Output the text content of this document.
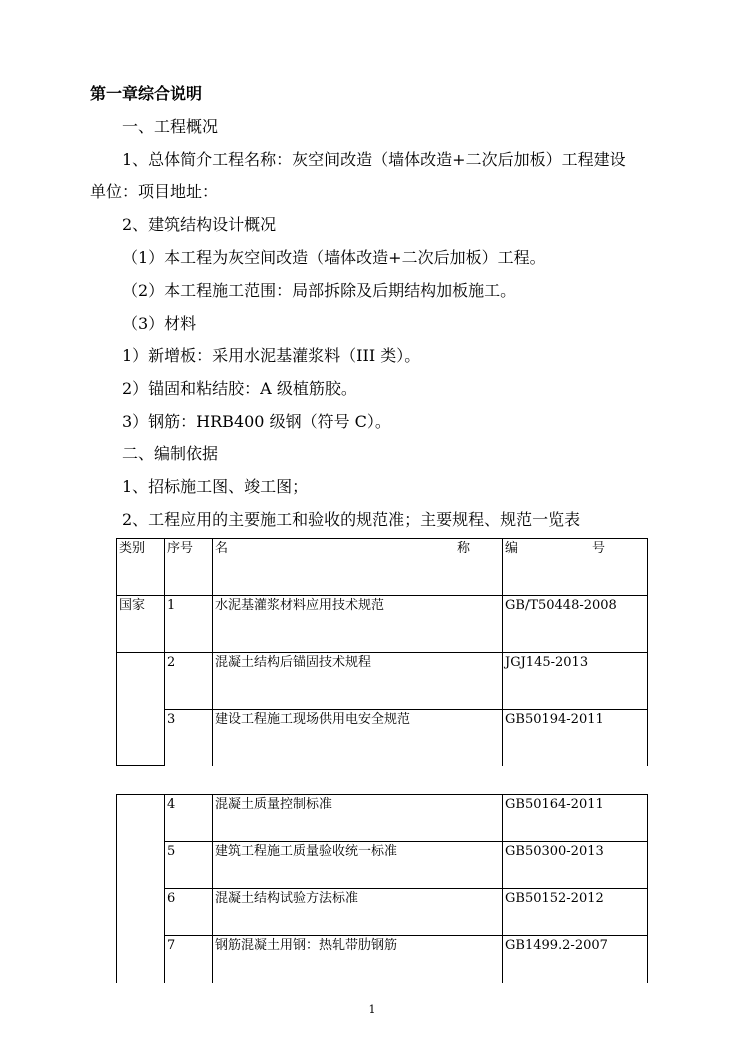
第一章综合说明
一、工程概况
1、总体简介工程名称：灰空间改造（墙体改造+二次后加板）工程建设
单位：项目地址：
2、建筑结构设计概况
（1）本工程为灰空间改造（墙体改造+二次后加板）工程。
（2）本工程施工范围：局部拆除及后期结构加板施工。
（3）材料
1）新增板：采用水泥基灌浆料（III 类）。
2）锚固和粘结胶：A 级植筋胶。
3）钢筋：HRB400 级钢（符号 C）。
二、编制依据
1、招标施工图、竣工图；
2、工程应用的主要施工和验收的规范准；主要规程、规范一览表
类别	序号	名 称	编 号

国家	1	水泥基灌浆材料应用技术规范	GB/T50448-2008
	2	混凝土结构后锚固技术规程	JGJ145-2013
	3	建设工程施工现场供用电安全规范	GB50194-2011
	4	混凝土质量控制标准	GB50164-2011
	5	建筑工程施工质量验收统一标准	GB50300-2013
	6	混凝土结构试验方法标准	GB50152-2012
	7	钢筋混凝土用钢：热轧带肋钢筋	GB1499.2-2007
1
